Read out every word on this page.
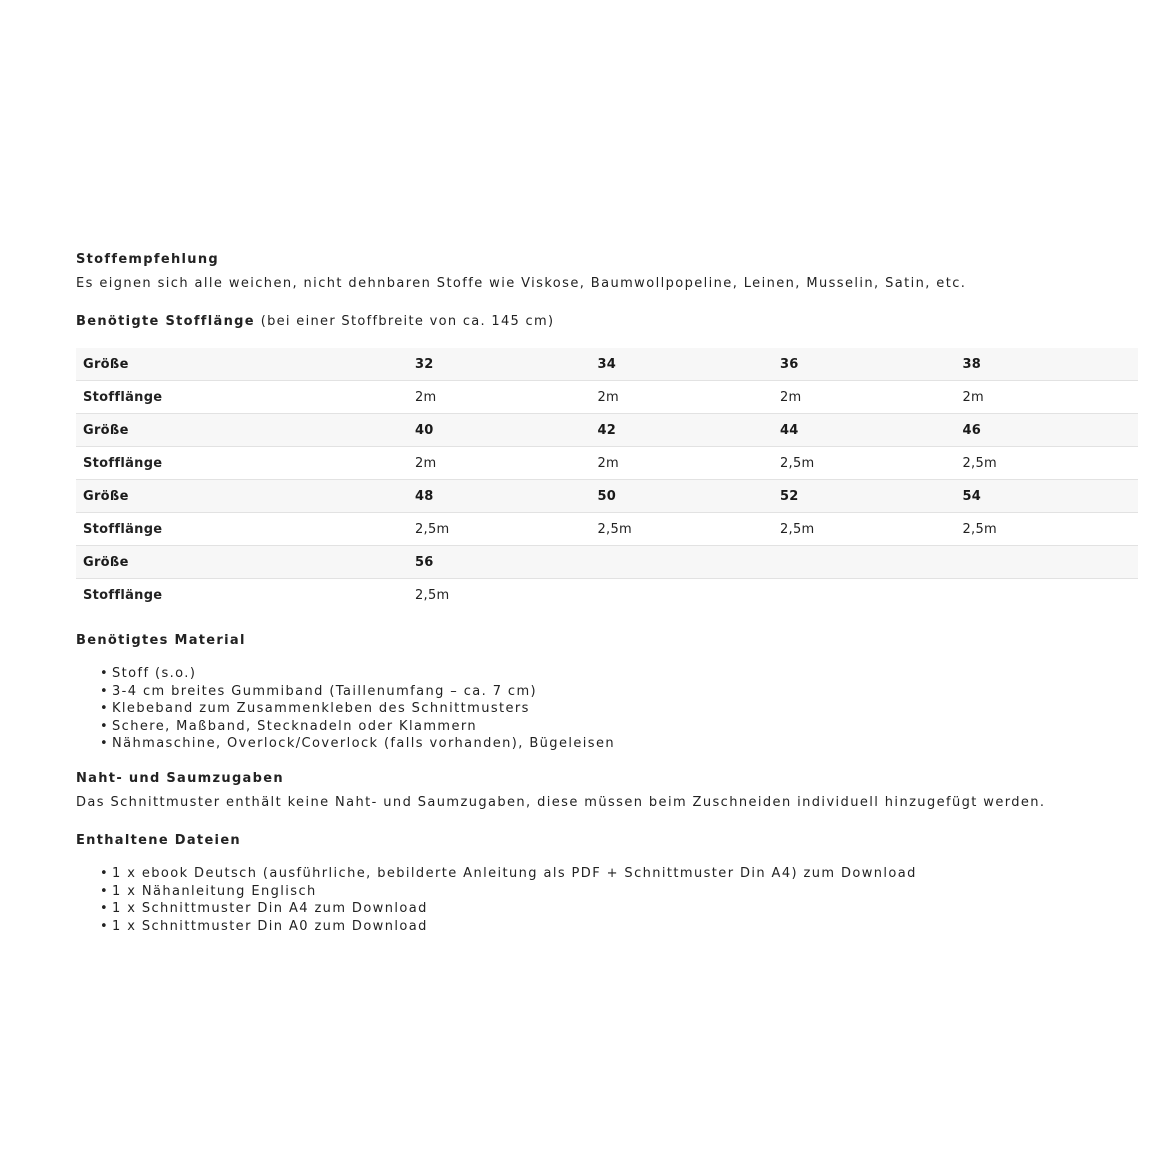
Stoffempfehlung

Es eignen sich alle weichen, nicht dehnbaren Stoffe wie Viskose, Baumwollpopeline, Leinen, Musselin, Satin, etc.

Benötigte Stofflänge (bei einer Stoffbreite von ca. 145 cm)

Größe	32	34	36	38
Stofflänge	2m	2m	2m	2m
Größe	40	42	44	46
Stofflänge	2m	2m	2,5m	2,5m
Größe	48	50	52	54
Stofflänge	2,5m	2,5m	2,5m	2,5m
Größe	56			
Stofflänge	2,5m			

Benötigtes Material

• Stoff (s.o.)
• 3-4 cm breites Gummiband (Taillenumfang – ca. 7 cm)
• Klebeband zum Zusammenkleben des Schnittmusters
• Schere, Maßband, Stecknadeln oder Klammern
• Nähmaschine, Overlock/Coverlock (falls vorhanden), Bügeleisen

Naht- und Saumzugaben

Das Schnittmuster enthält keine Naht- und Saumzugaben, diese müssen beim Zuschneiden individuell hinzugefügt werden.

Enthaltene Dateien

• 1 x ebook Deutsch (ausführliche, bebilderte Anleitung als PDF + Schnittmuster Din A4) zum Download
• 1 x Nähanleitung Englisch
• 1 x Schnittmuster Din A4 zum Download
• 1 x Schnittmuster Din A0 zum Download
